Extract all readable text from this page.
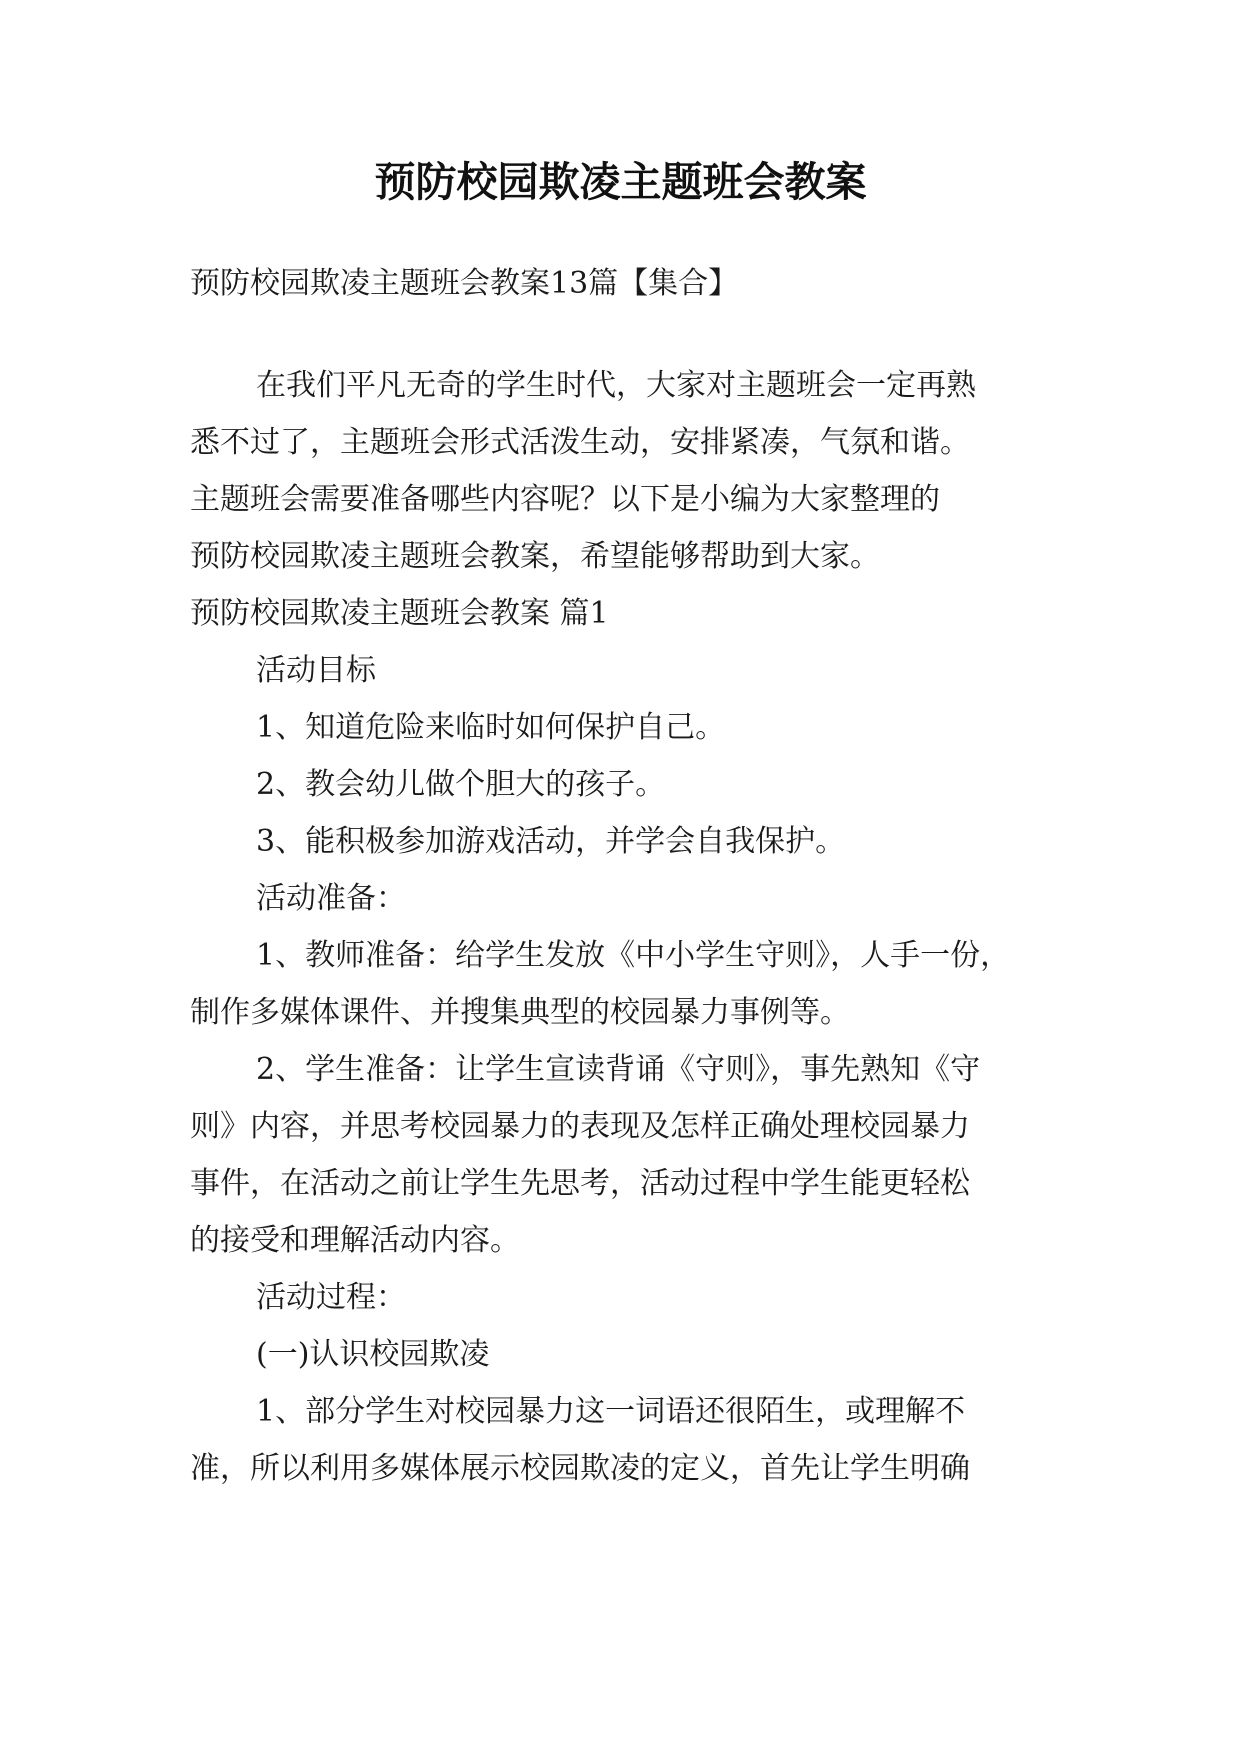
预防校园欺凌主题班会教案
预防校园欺凌主题班会教案13篇【集合】
在我们平凡无奇的学生时代，大家对主题班会一定再熟
悉不过了，主题班会形式活泼生动，安排紧凑，气氛和谐。
主题班会需要准备哪些内容呢？以下是小编为大家整理的
预防校园欺凌主题班会教案，希望能够帮助到大家。
预防校园欺凌主题班会教案 篇1
活动目标
1、知道危险来临时如何保护自己。
2、教会幼儿做个胆大的孩子。
3、能积极参加游戏活动，并学会自我保护。
活动准备：
1、教师准备：给学生发放《中小学生守则》，人手一份，
制作多媒体课件、并搜集典型的校园暴力事例等。
2、学生准备：让学生宣读背诵《守则》，事先熟知《守
则》内容，并思考校园暴力的表现及怎样正确处理校园暴力
事件，在活动之前让学生先思考，活动过程中学生能更轻松
的接受和理解活动内容。
活动过程：
(一)认识校园欺凌
1、部分学生对校园暴力这一词语还很陌生，或理解不
准，所以利用多媒体展示校园欺凌的定义，首先让学生明确
